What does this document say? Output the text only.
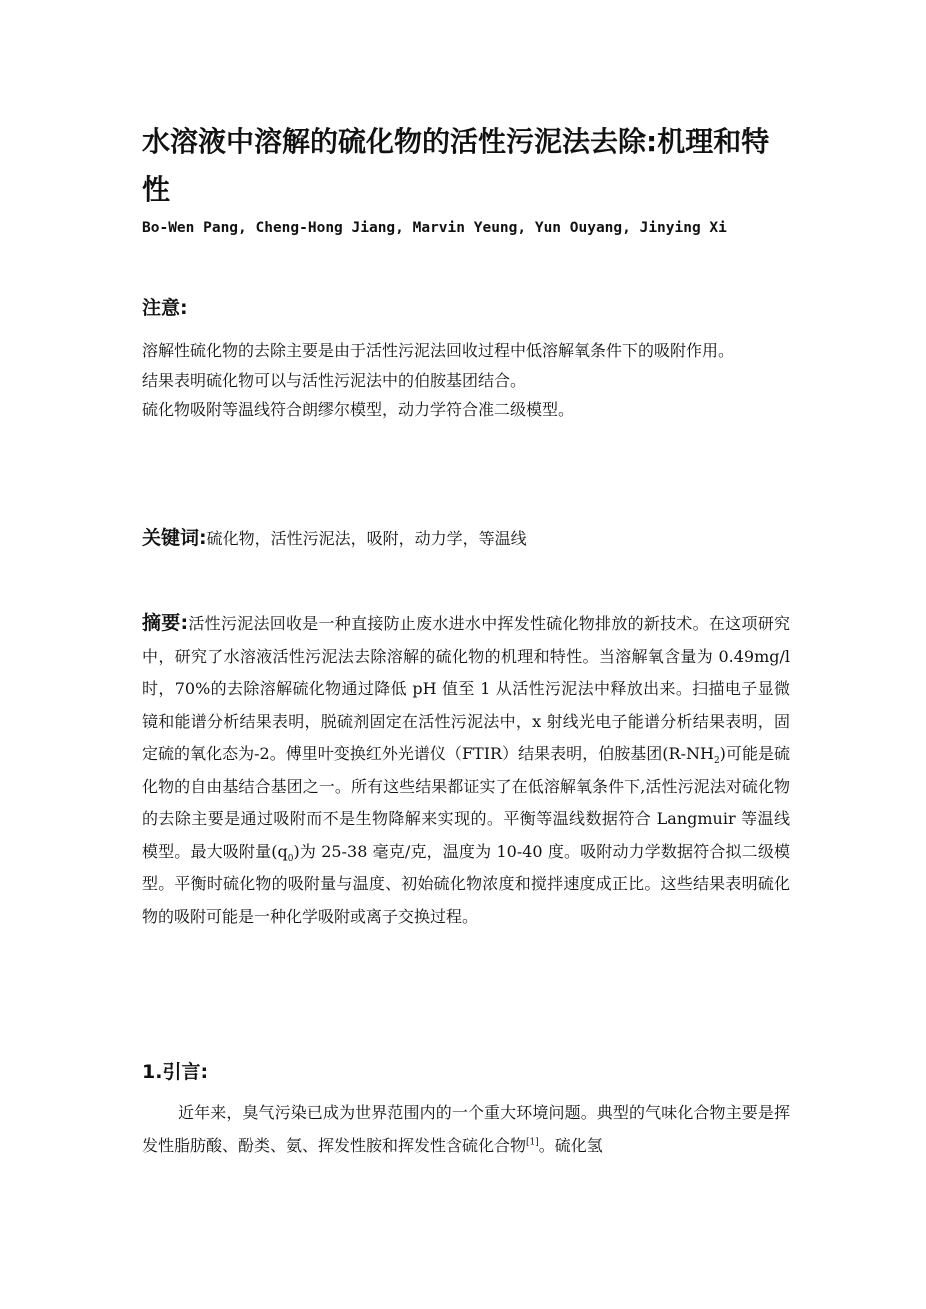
水溶液中溶解的硫化物的活性污泥法去除:机理和特性
Bo-Wen Pang, Cheng-Hong Jiang, Marvin Yeung, Yun Ouyang, Jinying Xi
注意:

溶解性硫化物的去除主要是由于活性污泥法回收过程中低溶解氧条件下的吸附作用。

结果表明硫化物可以与活性污泥法中的伯胺基团结合。

硫化物吸附等温线符合朗缪尔模型，动力学符合准二级模型。

关键词:硫化物，活性污泥法，吸附，动力学，等温线

摘要:活性污泥法回收是一种直接防止废水进水中挥发性硫化物排放的新技术。在这项研究中，研究了水溶液活性污泥法去除溶解的硫化物的机理和特性。当溶解氧含量为 0.49mg/l 时，70%的去除溶解硫化物通过降低 pH 值至 1 从活性污泥法中释放出来。扫描电子显微镜和能谱分析结果表明，脱硫剂固定在活性污泥法中，x 射线光电子能谱分析结果表明，固定硫的氧化态为-2。傅里叶变换红外光谱仪（FTIR）结果表明，伯胺基团$(R-NH_2)$可能是硫化物的自由基结合基团之一。所有这些结果都证实了在低溶解氧条件下,活性污泥法对硫化物的去除主要是通过吸附而不是生物降解来实现的。平衡等温线数据符合 Langmuir 等温线模型。最大吸附量$(q_0)$为 25-38 毫克/克，温度为 10-40 度。吸附动力学数据符合拟二级模型。平衡时硫化物的吸附量与温度、初始硫化物浓度和搅拌速度成正比。这些结果表明硫化物的吸附可能是一种化学吸附或离子交换过程。

1.引言:

近年来，臭气污染已成为世界范围内的一个重大环境问题。典型的气味化合物主要是挥发性脂肪酸、酚类、氨、挥发性胺和挥发性含硫化合物[1]。硫化氢
